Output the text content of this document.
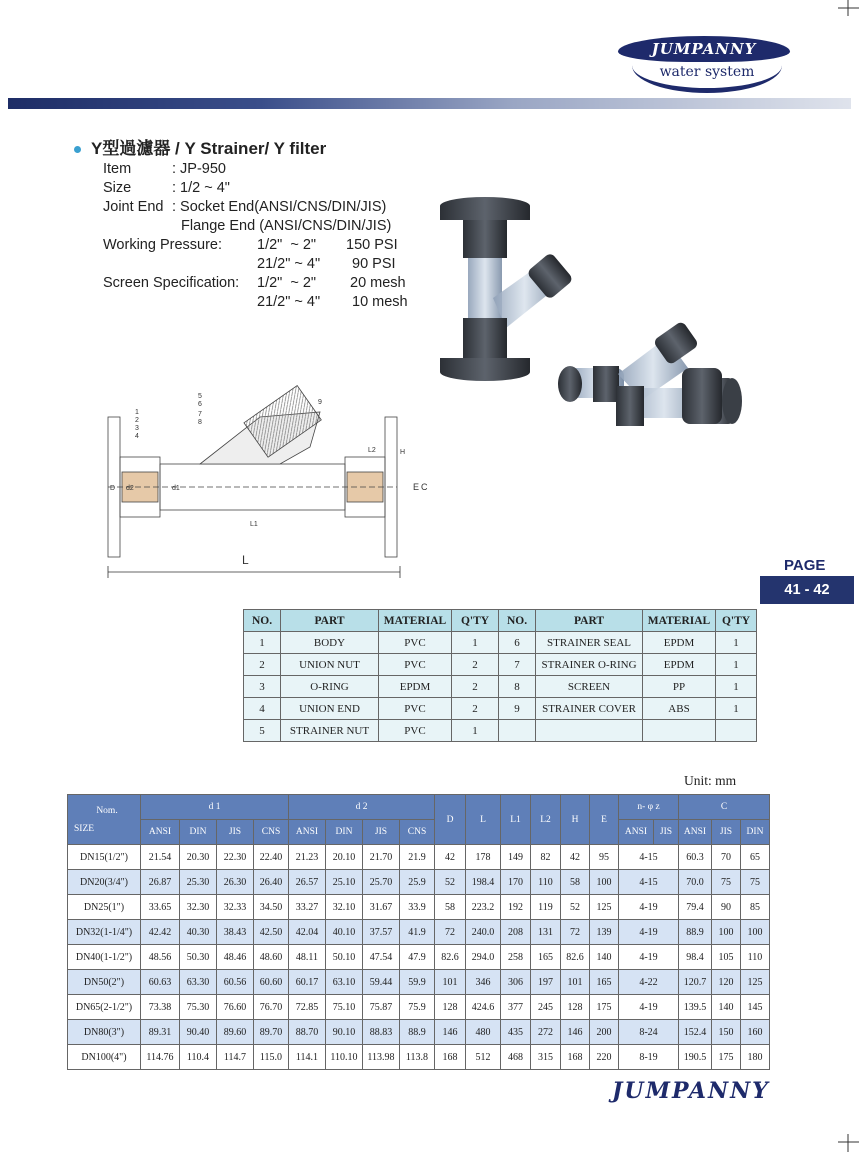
JUMPANNY
water system
Y型過濾器 / Y Strainer/ Y filter
Item	: JP-950
Size	: 1/2 ~ 4"
Joint End : Socket End(ANSI/CNS/DIN/JIS)
Flange End (ANSI/CNS/DIN/JIS)
Working Pressure: 1/2"  ~ 2" 150 PSI
21/2" ~ 4" 90 PSI
Screen Specification: 1/2"  ~ 2" 20 mesh
21/2" ~ 4" 10 mesh
1
2
3
4
5
6
7
8
9
L
L1
L2
E C
d1
d2
D
H
PAGE
41 - 42
NO.	PART	MATERIAL	Q'TY	NO.	PART	MATERIAL	Q'TY
1	BODY	PVC	1	6	STRAINER SEAL	EPDM	1
2	UNION NUT	PVC	2	7	STRAINER O-RING	EPDM	1
3	O-RING	EPDM	2	8	SCREEN	PP	1
4	UNION END	PVC	2	9	STRAINER COVER	ABS	1
5	STRAINER NUT	PVC	1				
Unit: mm
Nom.
SIZE	d 1				d 2				D	L	L1	L2	H	E	n- φ z		C		
	ANSI	DIN	JIS	CNS	ANSI	DIN	JIS	CNS							ANSI	JIS	ANSI	JIS	DIN
DN15(1/2")	21.54	20.30	22.30	22.40	21.23	20.10	21.70	21.9	42	178	149	82	42	95	4-15		60.3	70	65
DN20(3/4")	26.87	25.30	26.30	26.40	26.57	25.10	25.70	25.9	52	198.4	170	110	58	100	4-15		70.0	75	75
DN25(1")	33.65	32.30	32.33	34.50	33.27	32.10	31.67	33.9	58	223.2	192	119	52	125	4-19		79.4	90	85
DN32(1-1/4")	42.42	40.30	38.43	42.50	42.04	40.10	37.57	41.9	72	240.0	208	131	72	139	4-19		88.9	100	100
DN40(1-1/2")	48.56	50.30	48.46	48.60	48.11	50.10	47.54	47.9	82.6	294.0	258	165	82.6	140	4-19		98.4	105	110
DN50(2")	60.63	63.30	60.56	60.60	60.17	63.10	59.44	59.9	101	346	306	197	101	165	4-22		120.7	120	125
DN65(2-1/2")	73.38	75.30	76.60	76.70	72.85	75.10	75.87	75.9	128	424.6	377	245	128	175	4-19		139.5	140	145
DN80(3")	89.31	90.40	89.60	89.70	88.70	90.10	88.83	88.9	146	480	435	272	146	200	8-24		152.4	150	160
DN100(4")	114.76	110.4	114.7	115.0	114.1	110.10	113.98	113.8	168	512	468	315	168	220	8-19		190.5	175	180
JUMPANNY
